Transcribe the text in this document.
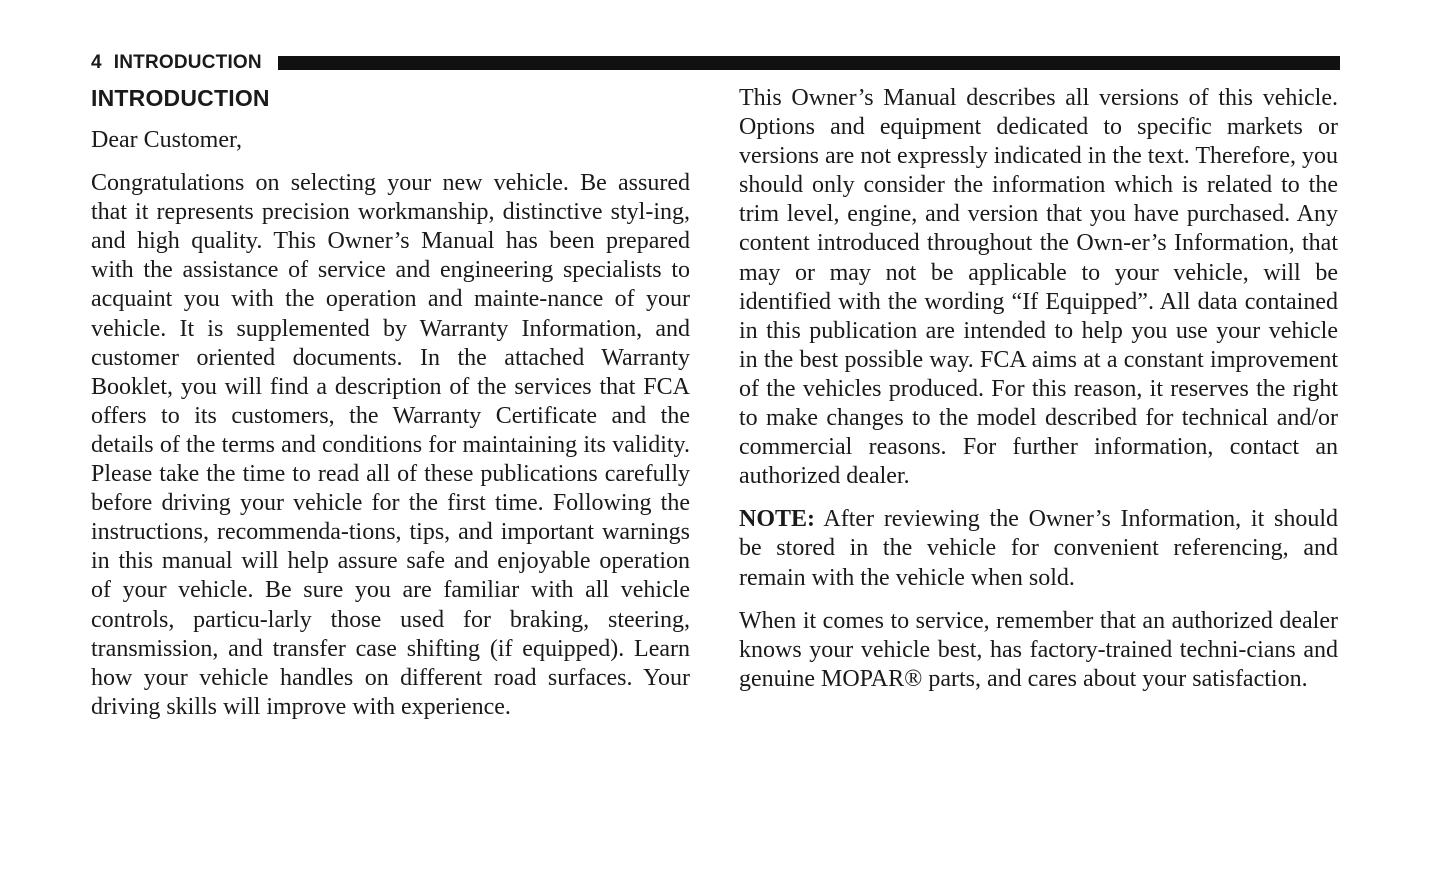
4 INTRODUCTION
INTRODUCTION

Dear Customer,

Congratulations on selecting your new vehicle. Be assured that it represents precision workmanship, distinctive styl-ing, and high quality. This Owner’s Manual has been prepared with the assistance of service and engineering specialists to acquaint you with the operation and mainte-nance of your vehicle. It is supplemented by Warranty Information, and customer oriented documents. In the attached Warranty Booklet, you will find a description of the services that FCA offers to its customers, the Warranty Certificate and the details of the terms and conditions for maintaining its validity. Please take the time to read all of these publications carefully before driving your vehicle for the first time. Following the instructions, recommenda-tions, tips, and important warnings in this manual will help assure safe and enjoyable operation of your vehicle. Be sure you are familiar with all vehicle controls, particu-larly those used for braking, steering, transmission, and transfer case shifting (if equipped). Learn how your vehicle handles on different road surfaces. Your driving skills will improve with experience.

This Owner’s Manual describes all versions of this vehicle. Options and equipment dedicated to specific markets or versions are not expressly indicated in the text. Therefore, you should only consider the information which is related to the trim level, engine, and version that you have purchased. Any content introduced throughout the Own-er’s Information, that may or may not be applicable to your vehicle, will be identified with the wording “If Equipped”. All data contained in this publication are intended to help you use your vehicle in the best possible way. FCA aims at a constant improvement of the vehicles produced. For this reason, it reserves the right to make changes to the model described for technical and/or commercial reasons. For further information, contact an authorized dealer.

NOTE: After reviewing the Owner’s Information, it should be stored in the vehicle for convenient referencing, and remain with the vehicle when sold.

When it comes to service, remember that an authorized dealer knows your vehicle best, has factory-trained techni-cians and genuine MOPAR® parts, and cares about your satisfaction.
